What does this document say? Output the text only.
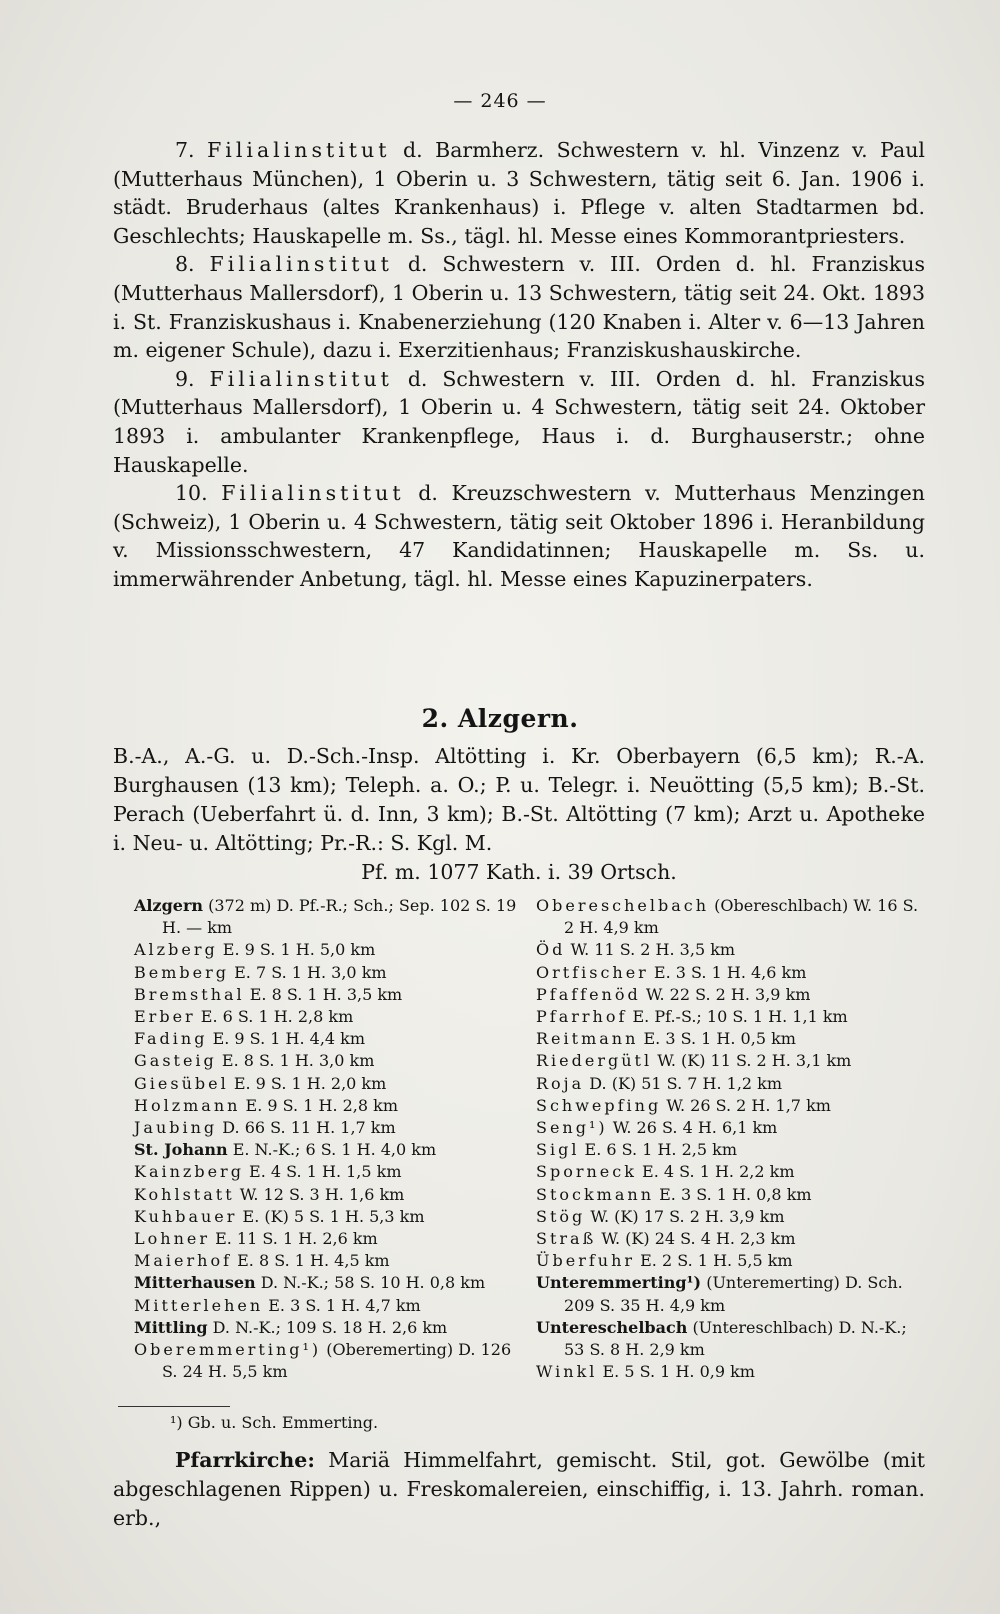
— 246 —

7. Filialinstitut d. Barmherz. Schwestern v. hl. Vinzenz v. Paul (Mutterhaus München), 1 Oberin u. 3 Schwestern, tätig seit 6. Jan. 1906 i. städt. Bruderhaus (altes Krankenhaus) i. Pflege v. alten Stadtarmen bd. Geschlechts; Hauskapelle m. Ss., tägl. hl. Messe eines Kommorantpriesters.

8. Filialinstitut d. Schwestern v. III. Orden d. hl. Franziskus (Mutterhaus Mallersdorf), 1 Oberin u. 13 Schwestern, tätig seit 24. Okt. 1893 i. St. Franziskushaus i. Knabenerziehung (120 Knaben i. Alter v. 6—13 Jahren m. eigener Schule), dazu i. Exerzitienhaus; Franziskushauskirche.

9. Filialinstitut d. Schwestern v. III. Orden d. hl. Franziskus (Mutterhaus Mallersdorf), 1 Oberin u. 4 Schwestern, tätig seit 24. Oktober 1893 i. ambulanter Krankenpflege, Haus i. d. Burghauserstr.; ohne Hauskapelle.

10. Filialinstitut d. Kreuzschwestern v. Mutterhaus Menzingen (Schweiz), 1 Oberin u. 4 Schwestern, tätig seit Oktober 1896 i. Heranbildung v. Missionsschwestern, 47 Kandidatinnen; Hauskapelle m. Ss. u. immerwährender Anbetung, tägl. hl. Messe eines Kapuzinerpaters.

2. Alzgern.
B.-A., A.-G. u. D.-Sch.-Insp. Altötting i. Kr. Oberbayern (6,5 km); R.-A. Burghausen (13 km); Teleph. a. O.; P. u. Telegr. i. Neuötting (5,5 km); B.-St. Perach (Ueberfahrt ü. d. Inn, 3 km); B.-St. Altötting (7 km); Arzt u. Apotheke i. Neu- u. Altötting; Pr.-R.: S. Kgl. M.
Pf. m. 1077 Kath. i. 39 Ortsch.

Alzgern (372 m) D. Pf.-R.; Sch.; Sep. 102 S. 19 H. — km

Alzberg E. 9 S. 1 H. 5,0 km

Bemberg E. 7 S. 1 H. 3,0 km

Bremsthal E. 8 S. 1 H. 3,5 km

Erber E. 6 S. 1 H. 2,8 km

Fading E. 9 S. 1 H. 4,4 km

Gasteig E. 8 S. 1 H. 3,0 km

Giesübel E. 9 S. 1 H. 2,0 km

Holzmann E. 9 S. 1 H. 2,8 km

Jaubing D. 66 S. 11 H. 1,7 km

St. Johann E. N.-K.; 6 S. 1 H. 4,0 km

Kainzberg E. 4 S. 1 H. 1,5 km

Kohlstatt W. 12 S. 3 H. 1,6 km

Kuhbauer E. (K) 5 S. 1 H. 5,3 km

Lohner E. 11 S. 1 H. 2,6 km

Maierhof E. 8 S. 1 H. 4,5 km

Mitterhausen D. N.-K.; 58 S. 10 H. 0,8 km

Mitterlehen E. 3 S. 1 H. 4,7 km

Mittling D. N.-K.; 109 S. 18 H. 2,6 km

Oberemmerting¹) (Oberemerting) D. 126 S. 24 H. 5,5 km

Obereschelbach (Obereschlbach) W. 16 S. 2 H. 4,9 km

Öd W. 11 S. 2 H. 3,5 km

Ortfischer E. 3 S. 1 H. 4,6 km

Pfaffenöd W. 22 S. 2 H. 3,9 km

Pfarrhof E. Pf.-S.; 10 S. 1 H. 1,1 km

Reitmann E. 3 S. 1 H. 0,5 km

Riedergütl W. (K) 11 S. 2 H. 3,1 km

Roja D. (K) 51 S. 7 H. 1,2 km

Schwepfing W. 26 S. 2 H. 1,7 km

Seng¹) W. 26 S. 4 H. 6,1 km

Sigl E. 6 S. 1 H. 2,5 km

Sporneck E. 4 S. 1 H. 2,2 km

Stockmann E. 3 S. 1 H. 0,8 km

Stög W. (K) 17 S. 2 H. 3,9 km

Straß W. (K) 24 S. 4 H. 2,3 km

Überfuhr E. 2 S. 1 H. 5,5 km

Unteremmerting¹) (Unteremerting) D. Sch. 209 S. 35 H. 4,9 km

Untereschelbach (Untereschlbach) D. N.-K.; 53 S. 8 H. 2,9 km

Winkl E. 5 S. 1 H. 0,9 km

¹) Gb. u. Sch. Emmerting.

Pfarrkirche: Mariä Himmelfahrt, gemischt. Stil, got. Gewölbe (mit abgeschlagenen Rippen) u. Freskomalereien, einschiffig, i. 13. Jahrh. roman. erb.,
